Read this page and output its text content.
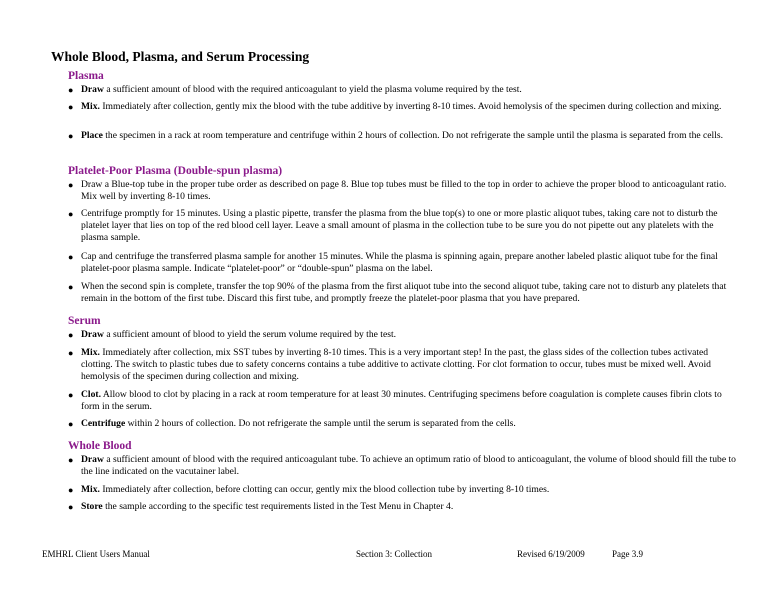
Whole Blood, Plasma, and Serum Processing
Plasma
● Draw a sufficient amount of blood with the required anticoagulant to yield the plasma volume required by the test.
● Mix. Immediately after collection, gently mix the blood with the tube additive by inverting 8-10 times. Avoid hemolysis of the specimen during collection and mixing.
● Place the specimen in a rack at room temperature and centrifuge within 2 hours of collection. Do not refrigerate the sample until the plasma is separated from the cells.
Platelet-Poor Plasma (Double-spun plasma)
● Draw a Blue-top tube in the proper tube order as described on page 8. Blue top tubes must be filled to the top in order to achieve the proper blood to anticoagulant ratio. Mix well by inverting 8-10 times.
● Centrifuge promptly for 15 minutes. Using a plastic pipette, transfer the plasma from the blue top(s) to one or more plastic aliquot tubes, taking care not to disturb the platelet layer that lies on top of the red blood cell layer. Leave a small amount of plasma in the collection tube to be sure you do not pipette out any platelets with the plasma sample.
● Cap and centrifuge the transferred plasma sample for another 15 minutes. While the plasma is spinning again, prepare another labeled plastic aliquot tube for the final platelet-poor plasma sample. Indicate “platelet-poor” or “double-spun” plasma on the label.
● When the second spin is complete, transfer the top 90% of the plasma from the first aliquot tube into the second aliquot tube, taking care not to disturb any platelets that remain in the bottom of the first tube. Discard this first tube, and promptly freeze the platelet-poor plasma that you have prepared.
Serum
● Draw a sufficient amount of blood to yield the serum volume required by the test.
● Mix. Immediately after collection, mix SST tubes by inverting 8-10 times. This is a very important step! In the past, the glass sides of the collection tubes activated clotting. The switch to plastic tubes due to safety concerns contains a tube additive to activate clotting. For clot formation to occur, tubes must be mixed well. Avoid hemolysis of the specimen during collection and mixing.
● Clot. Allow blood to clot by placing in a rack at room temperature for at least 30 minutes. Centrifuging specimens before coagulation is complete causes fibrin clots to form in the serum.
● Centrifuge within 2 hours of collection. Do not refrigerate the sample until the serum is separated from the cells.
Whole Blood
● Draw a sufficient amount of blood with the required anticoagulant tube. To achieve an optimum ratio of blood to anticoagulant, the volume of blood should fill the tube to the line indicated on the vacutainer label.
● Mix. Immediately after collection, before clotting can occur, gently mix the blood collection tube by inverting 8-10 times.
● Store the sample according to the specific test requirements listed in the Test Menu in Chapter 4.
EMHRL Client Users Manual	Section 3: Collection	Revised 6/19/2009	Page 3.9
